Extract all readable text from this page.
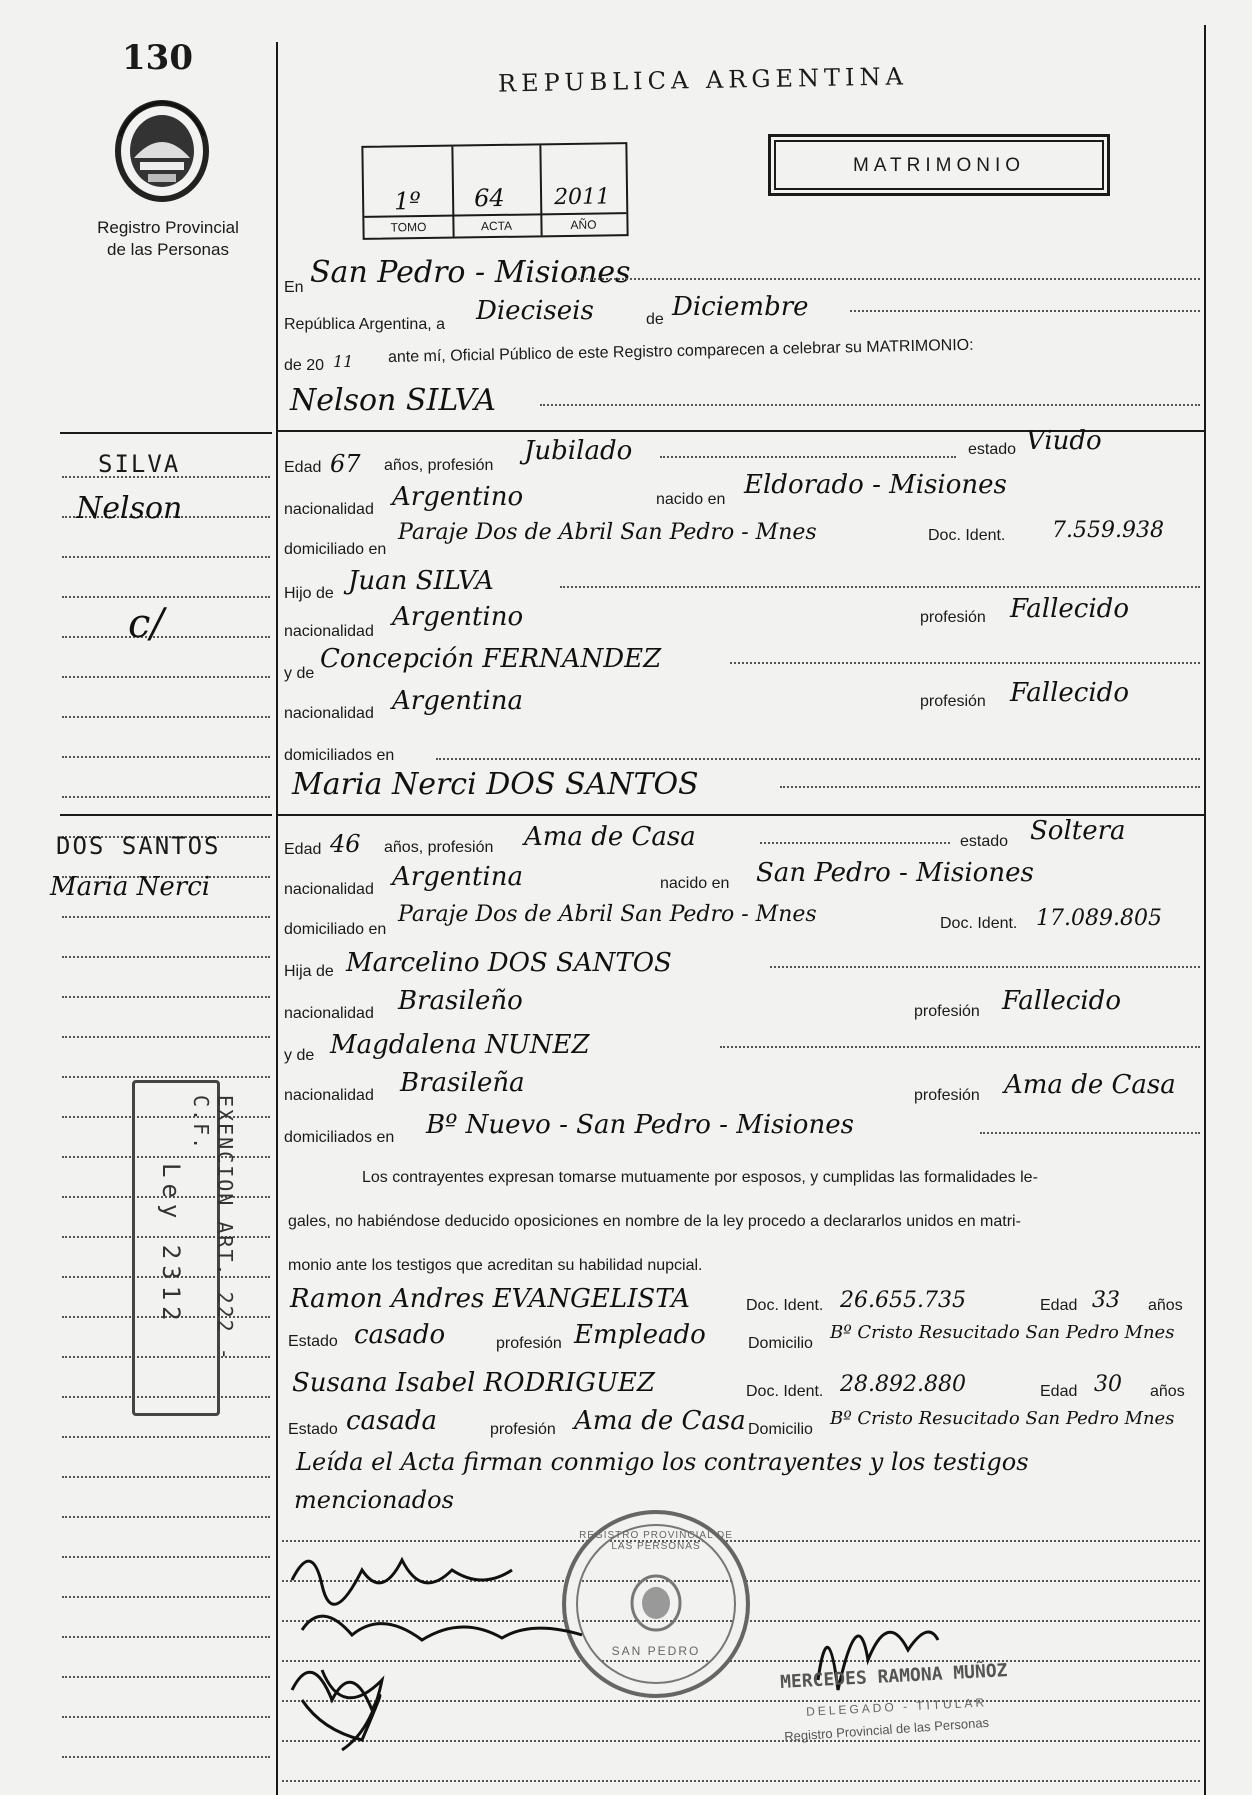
130
Registro Provincial
de las Personas
REPUBLICA ARGENTINA
1º 64 2011
TOMO	ACTA	AÑO
MATRIMONIO
En San Pedro - Misiones
República Argentina, a Dieciseis	de Diciembre
de 20 11 ante mí, Oficial Público de este Registro comparecen a celebrar su MATRIMONIO:
Nelson SILVA
SILVA
Nelson
c/
Edad 67 años, profesión Jubilado	estado Viudo
nacionalidad Argentino	nacido en Eldorado - Misiones
domiciliado en
Paraje Dos de Abril San Pedro - Mnes	Doc. Ident. 7.559.938
Hijo de Juan SILVA
nacionalidad Argentino	profesión Fallecido
y de Concepción FERNANDEZ
nacionalidad Argentina	profesión Fallecido
domiciliados en
Maria Nerci DOS SANTOS
DOS SANTOS
Maria Nerci
Edad 46 años, profesión Ama de Casa	estado Soltera
nacionalidad Argentina	nacido en San Pedro - Misiones
domiciliado en
Paraje Dos de Abril San Pedro - Mnes	Doc. Ident. 17.089.805
Hija de Marcelino DOS SANTOS
nacionalidad Brasileño	profesión Fallecido
y de Magdalena NUNEZ
nacionalidad Brasileña	profesión Ama de Casa
domiciliados en Bº Nuevo - San Pedro - Misiones
Los contrayentes expresan tomarse mutuamente por esposos, y cumplidas las formalidades le-
gales, no habiéndose deducido oposiciones en nombre de la ley procedo a declararlos unidos en matri-
monio ante los testigos que acreditan su habilidad nupcial.
Ramon Andres EVANGELISTA	Doc. Ident. 26.655.735	Edad 33 años
Estado casado	profesión Empleado	Domicilio
Bº Cristo Resucitado San Pedro Mnes
Susana Isabel RODRIGUEZ	Doc. Ident. 28.892.880	Edad 30 años
Estado casada	profesión Ama de Casa Domicilio
Bº Cristo Resucitado San Pedro Mnes
Leída el Acta firman conmigo los contrayentes y los testigos
mencionados
EXENCION ART. 222 - C.F.
Ley 2312
REGISTRO PROVINCIAL DE LAS PERSONAS
SAN PEDRO
MERCEDES RAMONA MUÑOZ
DELEGADO - TITULAR
Registro Provincial de las Personas
